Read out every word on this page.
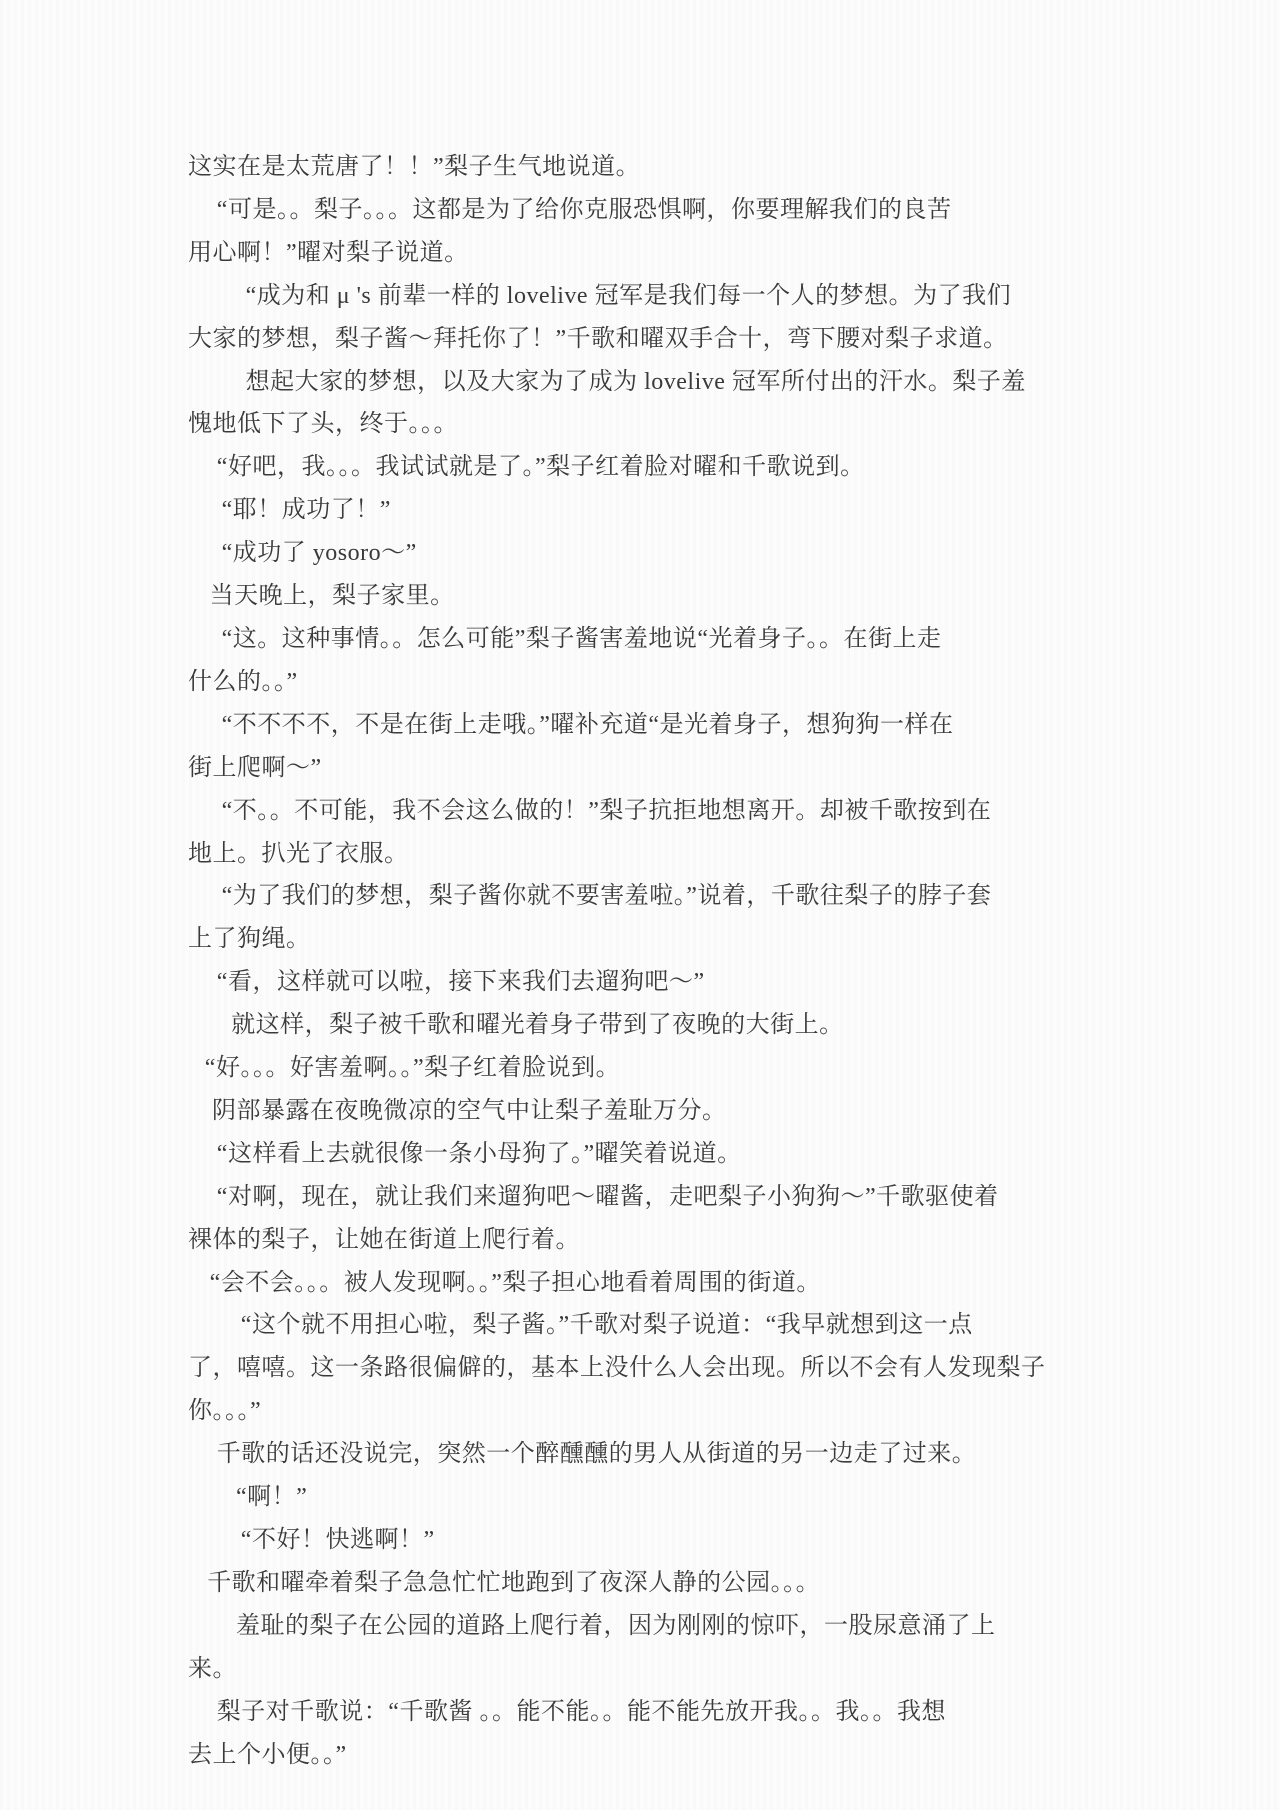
这实在是太荒唐了！！”梨子生气地说道。
“可是。。梨子。。。这都是为了给你克服恐惧啊，你要理解我们的良苦
用心啊！”曜对梨子说道。
“成为和 μ 's 前辈一样的 lovelive 冠军是我们每一个人的梦想。为了我们
大家的梦想，梨子酱～拜托你了！”千歌和曜双手合十，弯下腰对梨子求道。
想起大家的梦想，以及大家为了成为 lovelive 冠军所付出的汗水。梨子羞
愧地低下了头，终于。。。
“好吧，我。。。我试试就是了。”梨子红着脸对曜和千歌说到。
“耶！成功了！”
“成功了 yosoro～”
当天晚上，梨子家里。
“这。这种事情。。怎么可能”梨子酱害羞地说“光着身子。。在街上走
什么的。。”
“不不不不，不是在街上走哦。”曜补充道“是光着身子，想狗狗一样在
街上爬啊～”
“不。。不可能，我不会这么做的！”梨子抗拒地想离开。却被千歌按到在
地上。扒光了衣服。
“为了我们的梦想，梨子酱你就不要害羞啦。”说着，千歌往梨子的脖子套
上了狗绳。
“看，这样就可以啦，接下来我们去遛狗吧～”
就这样，梨子被千歌和曜光着身子带到了夜晚的大街上。
“好。。。好害羞啊。。”梨子红着脸说到。
阴部暴露在夜晚微凉的空气中让梨子羞耻万分。
“这样看上去就很像一条小母狗了。”曜笑着说道。
“对啊，现在，就让我们来遛狗吧～曜酱，走吧梨子小狗狗～”千歌驱使着
裸体的梨子，让她在街道上爬行着。
“会不会。。。被人发现啊。。”梨子担心地看着周围的街道。
“这个就不用担心啦，梨子酱。”千歌对梨子说道：“我早就想到这一点
了，嘻嘻。这一条路很偏僻的，基本上没什么人会出现。所以不会有人发现梨子
你。。。”
千歌的话还没说完，突然一个醉醺醺的男人从街道的另一边走了过来。
“啊！”
“不好！快逃啊！”
千歌和曜牵着梨子急急忙忙地跑到了夜深人静的公园。。。
羞耻的梨子在公园的道路上爬行着，因为刚刚的惊吓，一股尿意涌了上
来。
梨子对千歌说：“千歌酱 。。能不能。。能不能先放开我。。我。。我想
去上个小便。。”
